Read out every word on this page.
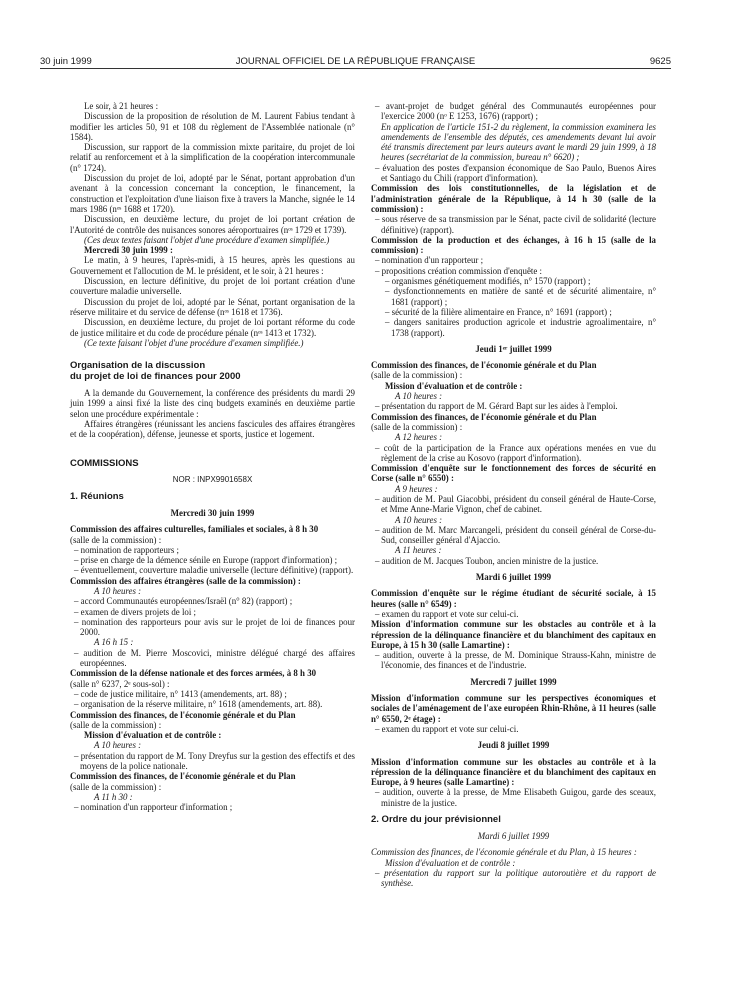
30 juin 1999	JOURNAL OFFICIEL DE LA RÉPUBLIQUE FRANÇAISE	9625

Le soir, à 21 heures :

Discussion de la proposition de résolution de M. Laurent Fabius tendant à modifier les articles 50, 91 et 108 du règlement de l'Assemblée nationale (n° 1584).

Discussion, sur rapport de la commission mixte paritaire, du projet de loi relatif au renforcement et à la simplification de la coopération intercommunale (n° 1724).

Discussion du projet de loi, adopté par le Sénat, portant approbation d'un avenant à la concession concernant la conception, le financement, la construction et l'exploitation d'une liaison fixe à travers la Manche, signée le 14 mars 1986 (nᵒˢ 1688 et 1720).

Discussion, en deuxième lecture, du projet de loi portant création de l'Autorité de contrôle des nuisances sonores aéroportuaires (nᵒˢ 1729 et 1739).

(Ces deux textes faisant l'objet d'une procédure d'examen simplifiée.)

Mercredi 30 juin 1999 :

Le matin, à 9 heures, l'après-midi, à 15 heures, après les questions au Gouvernement et l'allocution de M. le président, et le soir, à 21 heures :

Discussion, en lecture définitive, du projet de loi portant création d'une couverture maladie universelle.

Discussion du projet de loi, adopté par le Sénat, portant organisation de la réserve militaire et du service de défense (nᵒˢ 1618 et 1736).

Discussion, en deuxième lecture, du projet de loi portant réforme du code de justice militaire et du code de procédure pénale (nᵒˢ 1413 et 1732).

(Ce texte faisant l'objet d'une procédure d'examen simplifiée.)

Organisation de la discussion

du projet de loi de finances pour 2000

A la demande du Gouvernement, la conférence des présidents du mardi 29 juin 1999 a ainsi fixé la liste des cinq budgets examinés en deuxième partie selon une procédure expérimentale :

Affaires étrangères (réunissant les anciens fascicules des affaires étrangères et de la coopération), défense, jeunesse et sports, justice et logement.

COMMISSIONS

NOR : INPX9901658X

1. Réunions

Mercredi 30 juin 1999

Commission des affaires culturelles, familiales et sociales, à 8 h 30

(salle de la commission) :

– nomination de rapporteurs ;

– prise en charge de la démence sénile en Europe (rapport d'information) ;

– éventuellement, couverture maladie universelle (lecture définitive) (rapport).

Commission des affaires étrangères (salle de la commission) :

A 10 heures :

– accord Communautés européennes/Israël (n° 82) (rapport) ;

– examen de divers projets de loi ;

– nomination des rapporteurs pour avis sur le projet de loi de finances pour 2000.

A 16 h 15 :

– audition de M. Pierre Moscovici, ministre délégué chargé des affaires européennes.

Commission de la défense nationale et des forces armées, à 8 h 30

(salle n° 6237, 2ᵉ sous-sol) :

– code de justice militaire, n° 1413 (amendements, art. 88) ;

– organisation de la réserve militaire, n° 1618 (amendements, art. 88).

Commission des finances, de l'économie générale et du Plan

(salle de la commission) :

Mission d'évaluation et de contrôle :

A 10 heures :

– présentation du rapport de M. Tony Dreyfus sur la gestion des effectifs et des moyens de la police nationale.

Commission des finances, de l'économie générale et du Plan

(salle de la commission) :

A 11 h 30 :

– nomination d'un rapporteur d'information ;

– avant-projet de budget général des Communautés européennes pour l'exercice 2000 (nᵒ E 1253, 1676) (rapport) ;

En application de l'article 151-2 du règlement, la commission examinera les amendements de l'ensemble des députés, ces amendements devant lui avoir été transmis directement par leurs auteurs avant le mardi 29 juin 1999, à 18 heures (secrétariat de la commission, bureau n° 6620) ;

– évaluation des postes d'expansion économique de Sao Paulo, Buenos Aires et Santiago du Chili (rapport d'information).

Commission des lois constitutionnelles, de la législation et de l'administration générale de la République, à 14 h 30 (salle de la commission) :

– sous réserve de sa transmission par le Sénat, pacte civil de solidarité (lecture définitive) (rapport).

Commission de la production et des échanges, à 16 h 15 (salle de la commission) :

– nomination d'un rapporteur ;

– propositions création commission d'enquête :

– organismes génétiquement modifiés, n° 1570 (rapport) ;

– dysfonctionnements en matière de santé et de sécurité alimentaire, n° 1681 (rapport) ;

– sécurité de la filière alimentaire en France, n° 1691 (rapport) ;

– dangers sanitaires production agricole et industrie agroalimentaire, n° 1738 (rapport).

Jeudi 1ᵉʳ juillet 1999

Commission des finances, de l'économie générale et du Plan

(salle de la commission) :

Mission d'évaluation et de contrôle :

A 10 heures :

– présentation du rapport de M. Gérard Bapt sur les aides à l'emploi.

Commission des finances, de l'économie générale et du Plan

(salle de la commission) :

A 12 heures :

– coût de la participation de la France aux opérations menées en vue du règlement de la crise au Kosovo (rapport d'information).

Commission d'enquête sur le fonctionnement des forces de sécurité en Corse (salle n° 6550) :

A 9 heures :

– audition de M. Paul Giacobbi, président du conseil général de Haute-Corse, et Mme Anne-Marie Vignon, chef de cabinet.

A 10 heures :

– audition de M. Marc Marcangeli, président du conseil général de Corse-du-Sud, conseiller général d'Ajaccio.

A 11 heures :

– audition de M. Jacques Toubon, ancien ministre de la justice.

Mardi 6 juillet 1999

Commission d'enquête sur le régime étudiant de sécurité sociale, à 15 heures (salle n° 6549) :

– examen du rapport et vote sur celui-ci.

Mission d'information commune sur les obstacles au contrôle et à la répression de la délinquance financière et du blanchiment des capitaux en Europe, à 15 h 30 (salle Lamartine) :

– audition, ouverte à la presse, de M. Dominique Strauss-Kahn, ministre de l'économie, des finances et de l'industrie.

Mercredi 7 juillet 1999

Mission d'information commune sur les perspectives économiques et sociales de l'aménagement de l'axe européen Rhin-Rhône, à 11 heures (salle n° 6550, 2ᵉ étage) :

– examen du rapport et vote sur celui-ci.

Jeudi 8 juillet 1999

Mission d'information commune sur les obstacles au contrôle et à la répression de la délinquance financière et du blanchiment des capitaux en Europe, à 9 heures (salle Lamartine) :

– audition, ouverte à la presse, de Mme Elisabeth Guigou, garde des sceaux, ministre de la justice.

2. Ordre du jour prévisionnel

Mardi 6 juillet 1999

Commission des finances, de l'économie générale et du Plan, à 15 heures :

Mission d'évaluation et de contrôle :

– présentation du rapport sur la politique autoroutière et du rapport de synthèse.
